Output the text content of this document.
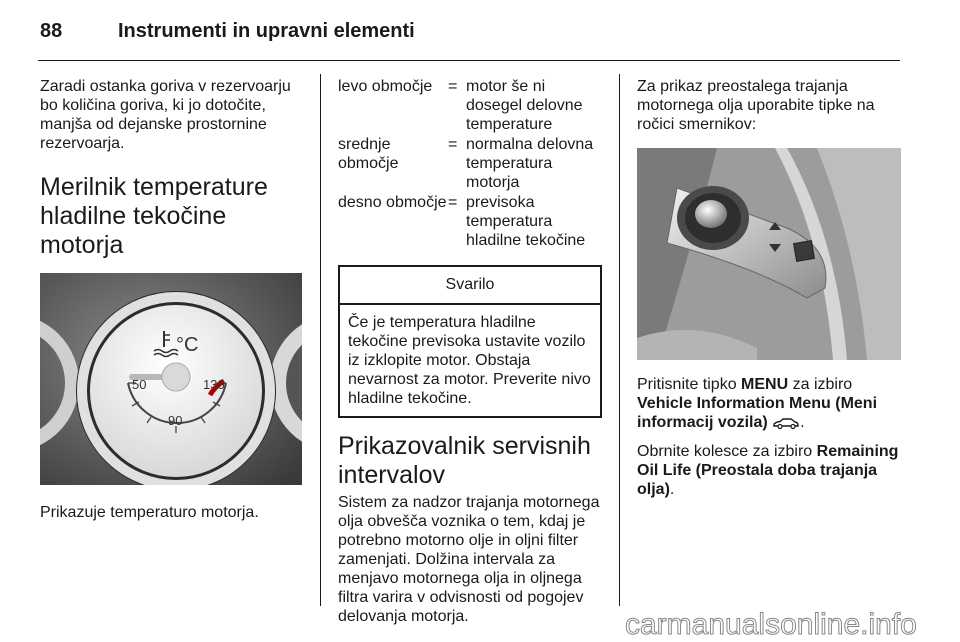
88	Instrumenti in upravni elementi

Zaradi ostanka goriva v rezervoarju bo količina goriva, ki jo dotočite, manjša od dejanske prostornine rezervoarja.

Merilnik temperature hladilne tekočine motorja
50	130
90
°C

Prikazuje temperaturo motorja.

levo območje	=	motor še ni dosegel delovne temperature
srednje območje	=	normalna delovna temperatura motorja
desno območje	=	previsoka temperatura hladilne tekočine
Svarilo
Če je temperatura hladilne tekočine previsoka ustavite vozilo iz izklopite motor. Obstaja nevarnost za motor. Preverite nivo hladilne tekočine.
Prikazovalnik servisnih intervalov

Sistem za nadzor trajanja motornega olja obvešča voznika o tem, kdaj je potrebno motorno olje in oljni filter zamenjati. Dolžina intervala za menjavo motornega olja in oljnega filtra varira v odvisnosti od pogojev delovanja motorja.

Za prikaz preostalega trajanja motornega olja uporabite tipke na ročici smernikov:

Pritisnite tipko MENU za izbiro Vehicle Information Menu (Meni informacij vozila) .

Obrnite kolesce za izbiro Remaining Oil Life (Preostala doba trajanja olja).

carmanualsonline.info
